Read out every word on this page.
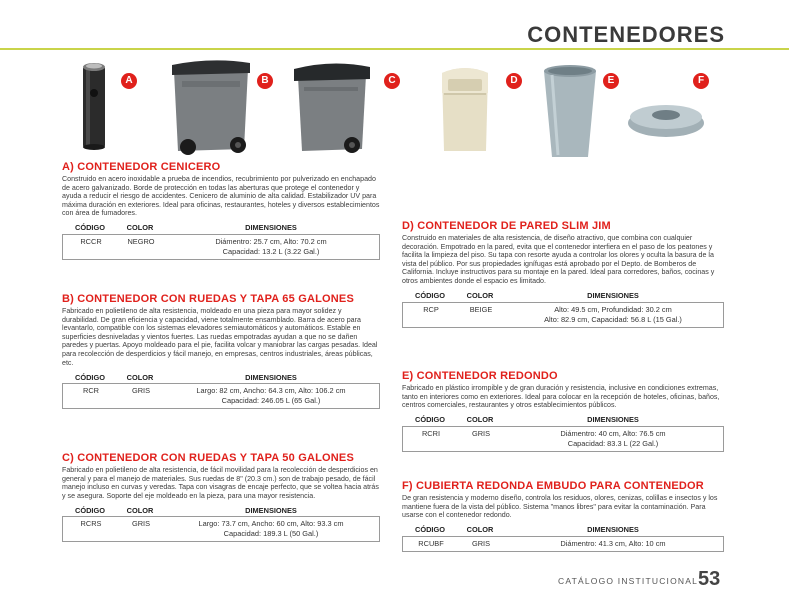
CONTENEDORES
A	B	C	D	E	F
A) CONTENEDOR CENICERO

Construido en acero inoxidable a prueba de incendios, recubrimiento por pulverizado en enchapado de acero galvanizado. Borde de protección en todas las aberturas que protege el contenedor y ayuda a reducir el riesgo de accidentes. Cenicero de aluminio de alta calidad. Estabilizador UV para máxima duración en exteriores. Ideal para oficinas, restaurantes, hoteles y diversos establecimientos con área de fumadores.

CÓDIGO	COLOR	DIMENSIONES
RCCR	NEGRO	Diámentro: 25.7 cm, Alto: 70.2 cm
Capacidad: 13.2 L (3.22 Gal.)
B) CONTENEDOR CON RUEDAS Y TAPA 65 GALONES

Fabricado en polietileno de alta resistencia, moldeado en una pieza para mayor solidez y durabilidad. De gran eficiencia y capacidad, viene totalmente ensamblado. Barra de acero para levantarlo, compatible con los sistemas elevadores semiautomáticos y automáticos. Estable en superficies desniveladas y vientos fuertes. Las ruedas empotradas ayudan a que no se dañen paredes y puertas. Apoyo moldeado para el pie, facilita volcar y maniobrar las cargas pesadas. Ideal para recolección de desperdicios y fácil manejo, en empresas, centros industriales, áreas públicas, etc.

CÓDIGO	COLOR	DIMENSIONES
RCR	GRIS	Largo: 82 cm, Ancho: 64.3 cm, Alto: 106.2 cm
Capacidad: 246.05 L (65 Gal.)
C) CONTENEDOR CON RUEDAS Y TAPA 50 GALONES

Fabricado en polietileno de alta resistencia, de fácil movilidad para la recolección de desperdicios en general y para el manejo de materiales. Sus ruedas de 8" (20.3 cm.) son de trabajo pesado, de fácil manejo incluso en curvas y veredas. Tapa con visagras de encaje perfecto, que se voltea hacia atrás y se asegura. Soporte del eje moldeado en la pieza, para una mayor resistencia.

CÓDIGO	COLOR	DIMENSIONES
RCRS	GRIS	Largo: 73.7 cm, Ancho: 60 cm, Alto: 93.3 cm
Capacidad: 189.3 L (50 Gal.)
D) CONTENEDOR DE PARED SLIM JIM

Construido en materiales de alta resistencia, de diseño atractivo, que combina con cualquier decoración. Empotrado en la pared, evita que el contenedor interfiera en el paso de los peatones y facilita la limpieza del piso. Su tapa con resorte ayuda a controlar los olores y oculta la basura de la vista del público. Por sus propiedades ignífugas está aprobado por el Depto. de Bomberos de California. Incluye instructivos para su montaje en la pared. Ideal para corredores, baños, cocinas y otros ambientes donde el espacio es limitado.

CÓDIGO	COLOR	DIMENSIONES
RCP	BEIGE	Alto: 49.5 cm, Profundidad: 30.2 cm
Alto: 82.9 cm, Capacidad: 56.8 L (15 Gal.)
E) CONTENEDOR REDONDO

Fabricado en plástico irrompible y de gran duración y resistencia, inclusive en condiciones extremas, tanto en interiores como en exteriores. Ideal para colocar en la recepción de hoteles, oficinas, baños, centros comerciales, restaurantes y otros establecimientos públicos.

CÓDIGO	COLOR	DIMENSIONES
RCRI	GRIS	Diámentro: 40 cm, Alto: 76.5 cm
Capacidad: 83.3 L (22 Gal.)
F) CUBIERTA REDONDA EMBUDO PARA CONTENEDOR

De gran resistencia y moderno diseño, controla los residuos, olores, cenizas, colillas e insectos y los mantiene fuera de la vista del público. Sistema "manos libres" para evitar la contaminación. Para usarse con el contenedor redondo.

CÓDIGO	COLOR	DIMENSIONES
RCUBF	GRIS	Diámentro: 41.3 cm, Alto: 10 cm
CATÁLOGO INSTITUCIONAL 53
